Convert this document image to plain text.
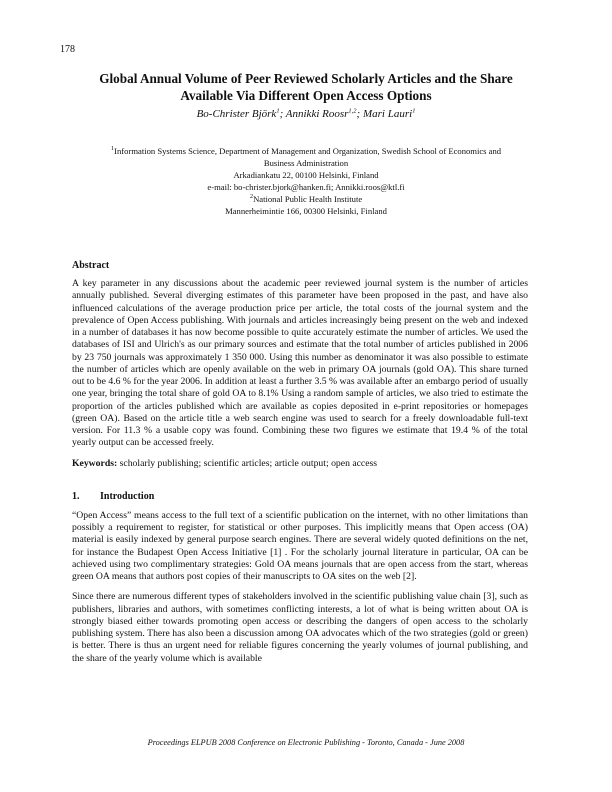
178
Global Annual Volume of Peer Reviewed Scholarly Articles and the Share
Available Via Different Open Access Options
Bo-Christer Björk$^1$; Annikki Roosr$^{1,2}$; Mari Lauri$^1$
$^1$Information Systems Science, Department of Management and Organization, Swedish School of Economics and Business Administration
Arkadiankatu 22, 00100 Helsinki, Finland
e-mail: bo-christer.bjork@hanken.fi; Annikki.roos@ktl.fi
$^2$National Public Health Institute
Mannerheimintie 166, 00300 Helsinki, Finland
Abstract

A key parameter in any discussions about the academic peer reviewed journal system is the number of articles annually published. Several diverging estimates of this parameter have been proposed in the past, and have also influenced calculations of the average production price per article, the total costs of the journal system and the prevalence of Open Access publishing. With journals and articles increasingly being present on the web and indexed in a number of databases it has now become possible to quite accurately estimate the number of articles. We used the databases of ISI and Ulrich's as our primary sources and estimate that the total number of articles published in 2006 by 23 750 journals was approximately 1 350 000. Using this number as denominator it was also possible to estimate the number of articles which are openly available on the web in primary OA journals (gold OA). This share turned out to be 4.6 % for the year 2006. In addition at least a further 3.5 % was available after an embargo period of usually one year, bringing the total share of gold OA to 8.1% Using a random sample of articles, we also tried to estimate the proportion of the articles published which are available as copies deposited in e-print repositories or homepages (green OA). Based on the article title a web search engine was used to search for a freely downloadable full-text version. For 11.3 % a usable copy was found. Combining these two figures we estimate that 19.4 % of the total yearly output can be accessed freely.

Keywords: scholarly publishing; scientific articles; article output; open access

1. Introduction

“Open Access” means access to the full text of a scientific publication on the internet, with no other limitations than possibly a requirement to register, for statistical or other purposes. This implicitly means that Open access (OA) material is easily indexed by general purpose search engines. There are several widely quoted definitions on the net, for instance the Budapest Open Access Initiative [1] . For the scholarly journal literature in particular, OA can be achieved using two complimentary strategies: Gold OA means journals that are open access from the start, whereas green OA means that authors post copies of their manuscripts to OA sites on the web [2].

Since there are numerous different types of stakeholders involved in the scientific publishing value chain [3], such as publishers, libraries and authors, with sometimes conflicting interests, a lot of what is being written about OA is strongly biased either towards promoting open access or describing the dangers of open access to the scholarly publishing system. There has also been a discussion among OA advocates which of the two strategies (gold or green) is better. There is thus an urgent need for reliable figures concerning the yearly volumes of journal publishing, and the share of the yearly volume which is available

Proceedings ELPUB 2008 Conference on Electronic Publishing - Toronto, Canada - June 2008
